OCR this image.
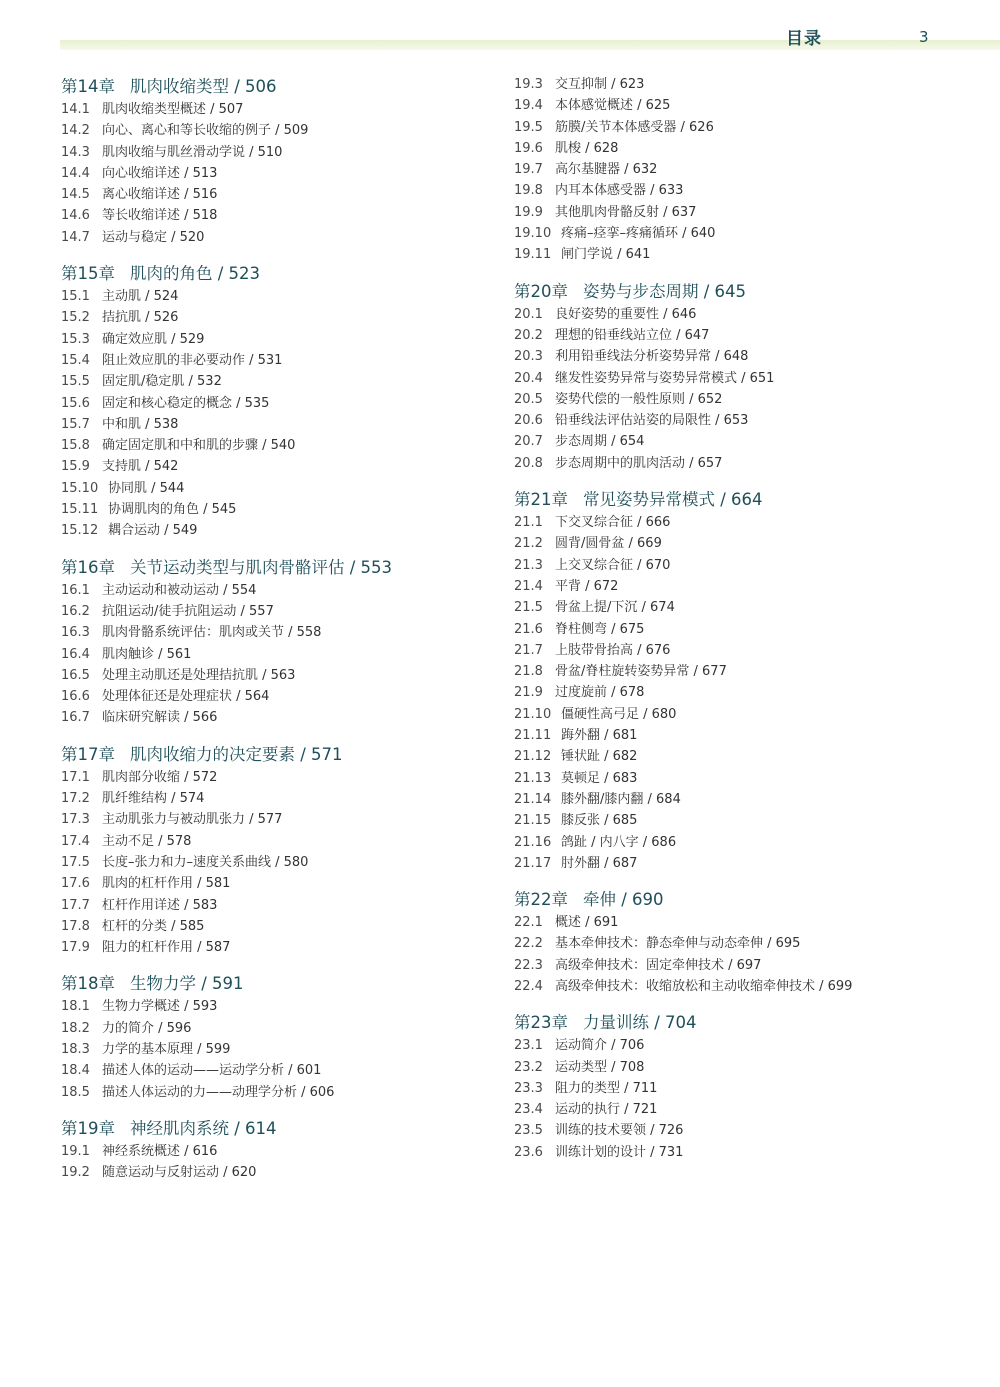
目录	3
第14章 肌肉收缩类型 / 506
14.1 肌肉收缩类型概述 / 507
14.2 向心、离心和等长收缩的例子 / 509
14.3 肌肉收缩与肌丝滑动学说 / 510
14.4 向心收缩详述 / 513
14.5 离心收缩详述 / 516
14.6 等长收缩详述 / 518
14.7 运动与稳定 / 520
第15章 肌肉的角色 / 523
15.1 主动肌 / 524
15.2 拮抗肌 / 526
15.3 确定效应肌 / 529
15.4 阻止效应肌的非必要动作 / 531
15.5 固定肌/稳定肌 / 532
15.6 固定和核心稳定的概念 / 535
15.7 中和肌 / 538
15.8 确定固定肌和中和肌的步骤 / 540
15.9 支持肌 / 542
15.10 协同肌 / 544
15.11 协调肌肉的角色 / 545
15.12 耦合运动 / 549
第16章 关节运动类型与肌肉骨骼评估 / 553
16.1 主动运动和被动运动 / 554
16.2 抗阻运动/徒手抗阻运动 / 557
16.3 肌肉骨骼系统评估：肌肉或关节 / 558
16.4 肌肉触诊 / 561
16.5 处理主动肌还是处理拮抗肌 / 563
16.6 处理体征还是处理症状 / 564
16.7 临床研究解读 / 566
第17章 肌肉收缩力的决定要素 / 571
17.1 肌肉部分收缩 / 572
17.2 肌纤维结构 / 574
17.3 主动肌张力与被动肌张力 / 577
17.4 主动不足 / 578
17.5 长度–张力和力–速度关系曲线 / 580
17.6 肌肉的杠杆作用 / 581
17.7 杠杆作用详述 / 583
17.8 杠杆的分类 / 585
17.9 阻力的杠杆作用 / 587
第18章 生物力学 / 591
18.1 生物力学概述 / 593
18.2 力的简介 / 596
18.3 力学的基本原理 / 599
18.4 描述人体的运动——运动学分析 / 601
18.5 描述人体运动的力——动理学分析 / 606
第19章 神经肌肉系统 / 614
19.1 神经系统概述 / 616
19.2 随意运动与反射运动 / 620
19.3 交互抑制 / 623
19.4 本体感觉概述 / 625
19.5 筋膜/关节本体感受器 / 626
19.6 肌梭 / 628
19.7 高尔基腱器 / 632
19.8 内耳本体感受器 / 633
19.9 其他肌肉骨骼反射 / 637
19.10 疼痛–痉挛–疼痛循环 / 640
19.11 闸门学说 / 641
第20章 姿势与步态周期 / 645
20.1 良好姿势的重要性 / 646
20.2 理想的铅垂线站立位 / 647
20.3 利用铅垂线法分析姿势异常 / 648
20.4 继发性姿势异常与姿势异常模式 / 651
20.5 姿势代偿的一般性原则 / 652
20.6 铅垂线法评估站姿的局限性 / 653
20.7 步态周期 / 654
20.8 步态周期中的肌肉活动 / 657
第21章 常见姿势异常模式 / 664
21.1 下交叉综合征 / 666
21.2 圆背/圆骨盆 / 669
21.3 上交叉综合征 / 670
21.4 平背 / 672
21.5 骨盆上提/下沉 / 674
21.6 脊柱侧弯 / 675
21.7 上肢带骨抬高 / 676
21.8 骨盆/脊柱旋转姿势异常 / 677
21.9 过度旋前 / 678
21.10 僵硬性高弓足 / 680
21.11 踇外翻 / 681
21.12 锤状趾 / 682
21.13 莫顿足 / 683
21.14 膝外翻/膝内翻 / 684
21.15 膝反张 / 685
21.16 鸽趾 / 内八字 / 686
21.17 肘外翻 / 687
第22章 牵伸 / 690
22.1 概述 / 691
22.2 基本牵伸技术：静态牵伸与动态牵伸 / 695
22.3 高级牵伸技术：固定牵伸技术 / 697
22.4 高级牵伸技术：收缩放松和主动收缩牵伸技术 / 699
第23章 力量训练 / 704
23.1 运动简介 / 706
23.2 运动类型 / 708
23.3 阻力的类型 / 711
23.4 运动的执行 / 721
23.5 训练的技术要领 / 726
23.6 训练计划的设计 / 731
